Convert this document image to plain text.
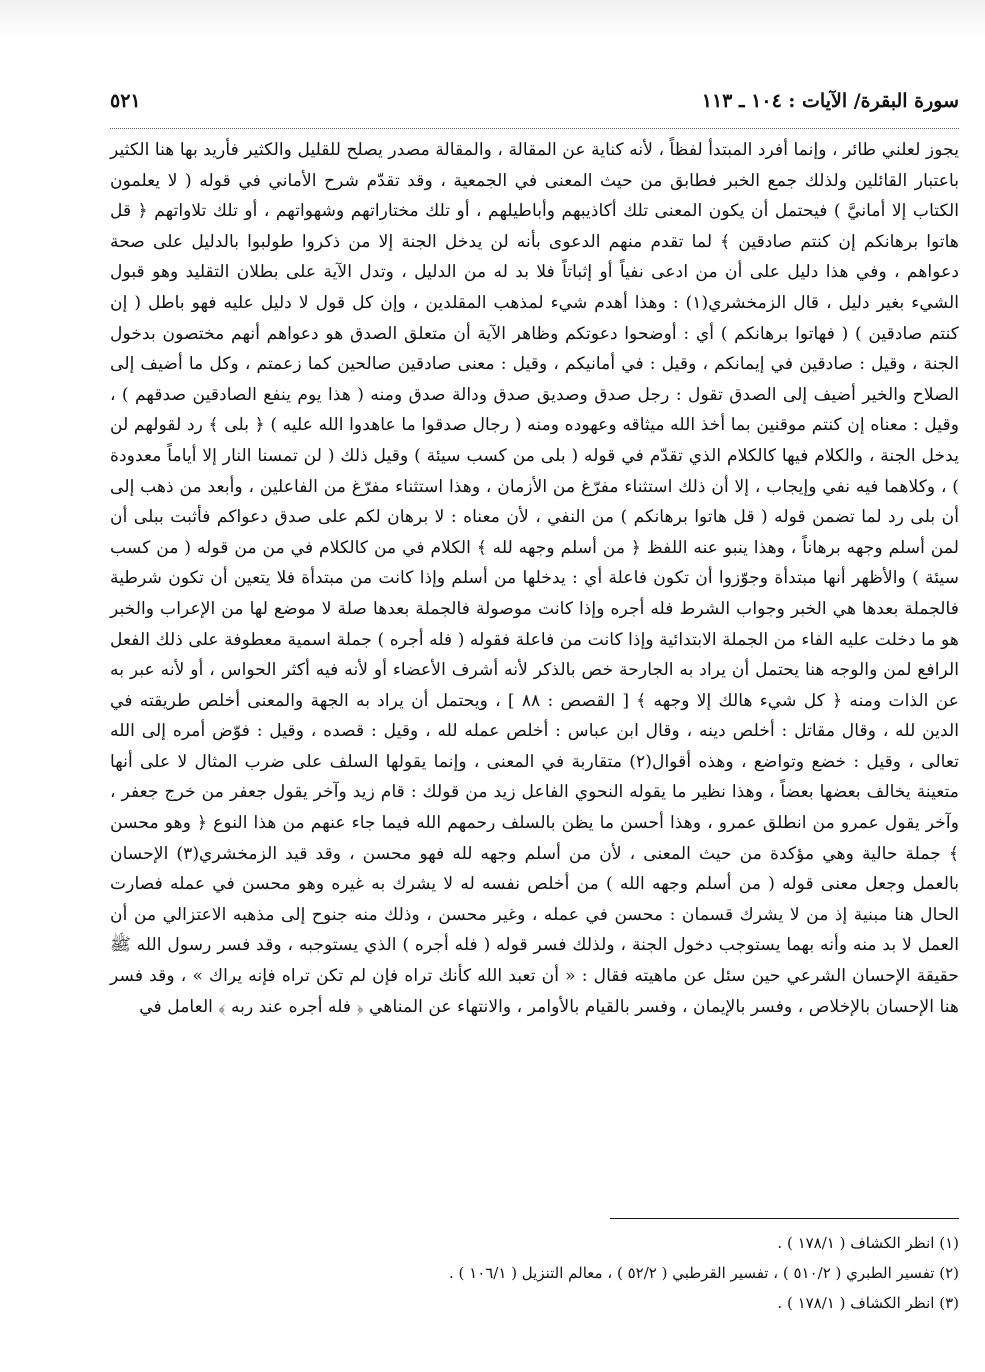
سورة البقرة/ الآيات : ١٠٤ ـ ١١٣
٥٢١

يجوز لعلني طائر ، وإنما أفرد المبتدأ لفظاً ، لأنه كناية عن المقالة ، والمقالة مصدر يصلح للقليل والكثير فأريد بها هنا الكثير باعتبار القائلين ولذلك جمع الخبر فطابق من حيث المعنى في الجمعية ، وقد تقدّم شرح الأماني في قوله ( لا يعلمون الكتاب إلا أمانيَّ ) فيحتمل أن يكون المعنى تلك أكاذيبهم وأباطيلهم ، أو تلك مختاراتهم وشهواتهم ، أو تلك تلاواتهم ﴿ قل هاتوا برهانكم إن كنتم صادقين ﴾ لما تقدم منهم الدعوى بأنه لن يدخل الجنة إلا من ذكروا طولبوا بالدليل على صحة دعواهم ، وفي هذا دليل على أن من ادعى نفياً أو إثباتاً فلا بد له من الدليل ، وتدل الآية على بطلان التقليد وهو قبول الشيء بغير دليل ، قال الزمخشري(١) : وهذا أهدم شيء لمذهب المقلدين ، وإن كل قول لا دليل عليه فهو باطل ( إن كنتم صادقين ) ( فهاتوا برهانكم ) أي : أوضحوا دعوتكم وظاهر الآية أن متعلق الصدق هو دعواهم أنهم مختصون بدخول الجنة ، وقيل : صادقين في إيمانكم ، وقيل : في أمانيكم ، وقيل : معنى صادقين صالحين كما زعمتم ، وكل ما أضيف إلى الصلاح والخير أضيف إلى الصدق تقول : رجل صدق وصديق صدق ودالة صدق ومنه ( هذا يوم ينفع الصادقين صدقهم ) ، وقيل : معناه إن كنتم موقنين بما أخذ الله ميثاقه وعهوده ومنه ( رجال صدقوا ما عاهدوا الله عليه ) ﴿ بلى ﴾ رد لقولهم لن يدخل الجنة ، والكلام فيها كالكلام الذي تقدّم في قوله ( بلى من كسب سيئة ) وقيل ذلك ( لن تمسنا النار إلا أياماً معدودة ) ، وكلاهما فيه نفي وإيجاب ، إلا أن ذلك استثناء مفرّغ من الأزمان ، وهذا استثناء مفرّغ من الفاعلين ، وأبعد من ذهب إلى أن بلى رد لما تضمن قوله ( قل هاتوا برهانكم ) من النفي ، لأن معناه : لا برهان لكم على صدق دعواكم فأثبت ببلى أن لمن أسلم وجهه برهاناً ، وهذا ينبو عنه اللفظ ﴿ من أسلم وجهه لله ﴾ الكلام في من كالكلام في من من قوله ( من كسب سيئة ) والأظهر أنها مبتدأة وجوّزوا أن تكون فاعلة أي : يدخلها من أسلم وإذا كانت من مبتدأة فلا يتعين أن تكون شرطية فالجملة بعدها هي الخبر وجواب الشرط فله أجره وإذا كانت موصولة فالجملة بعدها صلة لا موضع لها من الإعراب والخبر هو ما دخلت عليه الفاء من الجملة الابتدائية وإذا كانت من فاعلة فقوله ( فله أجره ) جملة اسمية معطوفة على ذلك الفعل الرافع لمن والوجه هنا يحتمل أن يراد به الجارحة خص بالذكر لأنه أشرف الأعضاء أو لأنه فيه أكثر الحواس ، أو لأنه عبر به عن الذات ومنه ﴿ كل شيء هالك إلا وجهه ﴾ [ القصص : ٨٨ ] ، ويحتمل أن يراد به الجهة والمعنى أخلص طريقته في الدين لله ، وقال مقاتل : أخلص دينه ، وقال ابن عباس : أخلص عمله لله ، وقيل : قصده ، وقيل : فوّض أمره إلى الله تعالى ، وقيل : خضع وتواضع ، وهذه أقوال(٢) متقاربة في المعنى ، وإنما يقولها السلف على ضرب المثال لا على أنها متعينة يخالف بعضها بعضاً ، وهذا نظير ما يقوله النحوي الفاعل زيد من قولك : قام زيد وآخر يقول جعفر من خرج جعفر ، وآخر يقول عمرو من انطلق عمرو ، وهذا أحسن ما يظن بالسلف رحمهم الله فيما جاء عنهم من هذا النوع ﴿ وهو محسن ﴾ جملة حالية وهي مؤكدة من حيث المعنى ، لأن من أسلم وجهه لله فهو محسن ، وقد قيد الزمخشري(٣) الإحسان بالعمل وجعل معنى قوله ( من أسلم وجهه الله ) من أخلص نفسه له لا يشرك به غيره وهو محسن في عمله فصارت الحال هنا مبنية إذ من لا يشرك قسمان : محسن في عمله ، وغير محسن ، وذلك منه جنوح إلى مذهبه الاعتزالي من أن العمل لا بد منه وأنه بهما يستوجب دخول الجنة ، ولذلك فسر قوله ( فله أجره ) الذي يستوجبه ، وقد فسر رسول الله ﷺ حقيقة الإحسان الشرعي حين سئل عن ماهيته فقال : « أن تعبد الله كأنك تراه فإن لم تكن تراه فإنه يراك » ، وقد فسر هنا الإحسان بالإخلاص ، وفسر بالإيمان ، وفسر بالقيام بالأوامر ، والانتهاء عن المناهي ﴿ فله أجره عند ربه ﴾ العامل في

(١) انظر الكشاف ( ١٧٨/١ ) .
(٢) تفسير الطبري ( ٥١٠/٢ ) ، تفسير القرطبي ( ٥٢/٢ ) ، معالم التنزيل ( ١٠٦/١ ) .
(٣) انظر الكشاف ( ١٧٨/١ ) .
